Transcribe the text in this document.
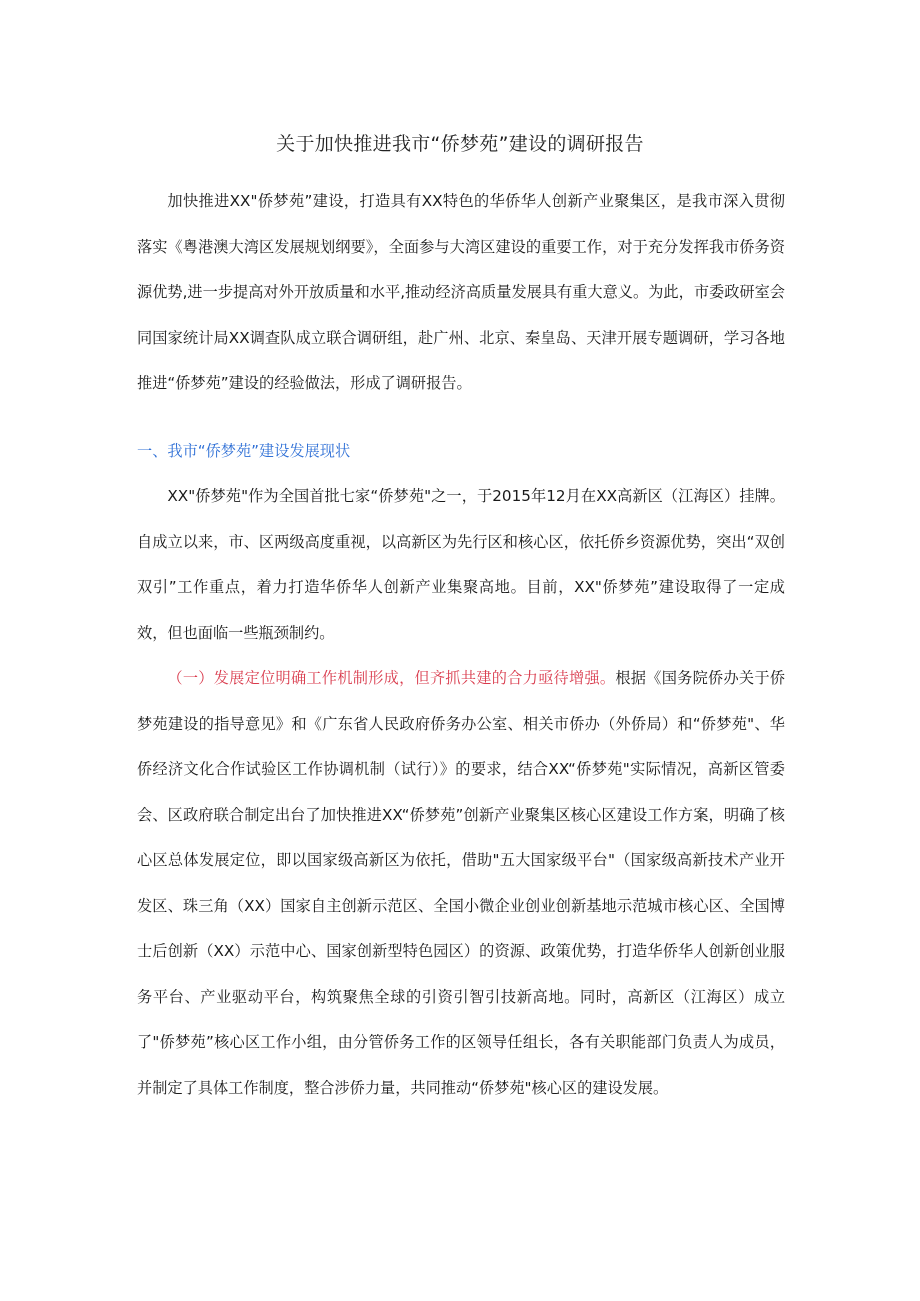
关于加快推进我市“侨梦苑”建设的调研报告

加快推进XX"侨梦苑”建设，打造具有XX特色的华侨华人创新产业聚集区，是我市深入贯彻落实《粤港澳大湾区发展规划纲要》，全面参与大湾区建设的重要工作，对于充分发挥我市侨务资源优势,进一步提高对外开放质量和水平,推动经济高质量发展具有重大意义。为此，市委政研室会同国家统计局XX调查队成立联合调研组，赴广州、北京、秦皇岛、天津开展专题调研，学习各地推进“侨梦苑”建设的经验做法，形成了调研报告。

一、我市“侨梦苑”建设发展现状

XX"侨梦苑"作为全国首批七家“侨梦苑"之一，于2015年12月在XX高新区（江海区）挂牌。自成立以来，市、区两级高度重视，以高新区为先行区和核心区，依托侨乡资源优势，突出“双创双引”工作重点，着力打造华侨华人创新产业集聚高地。目前，XX"侨梦苑”建设取得了一定成效，但也面临一些瓶颈制约。

（一）发展定位明确工作机制形成，但齐抓共建的合力亟待增强。根据《国务院侨办关于侨梦苑建设的指导意见》和《广东省人民政府侨务办公室、相关市侨办（外侨局）和“侨梦苑"、华侨经济文化合作试验区工作协调机制（试行）》的要求，结合XX“侨梦苑"实际情况，高新区管委会、区政府联合制定出台了加快推进XX“侨梦苑”创新产业聚集区核心区建设工作方案，明确了核心区总体发展定位，即以国家级高新区为依托，借助"五大国家级平台"（国家级高新技术产业开发区、珠三角（XX）国家自主创新示范区、全国小微企业创业创新基地示范城市核心区、全国博士后创新（XX）示范中心、国家创新型特色园区）的资源、政策优势，打造华侨华人创新创业服务平台、产业驱动平台，构筑聚焦全球的引资引智引技新高地。同时，高新区（江海区）成立了"侨梦苑”核心区工作小组，由分管侨务工作的区领导任组长，各有关职能部门负责人为成员，并制定了具体工作制度，整合涉侨力量，共同推动“侨梦苑"核心区的建设发展。
